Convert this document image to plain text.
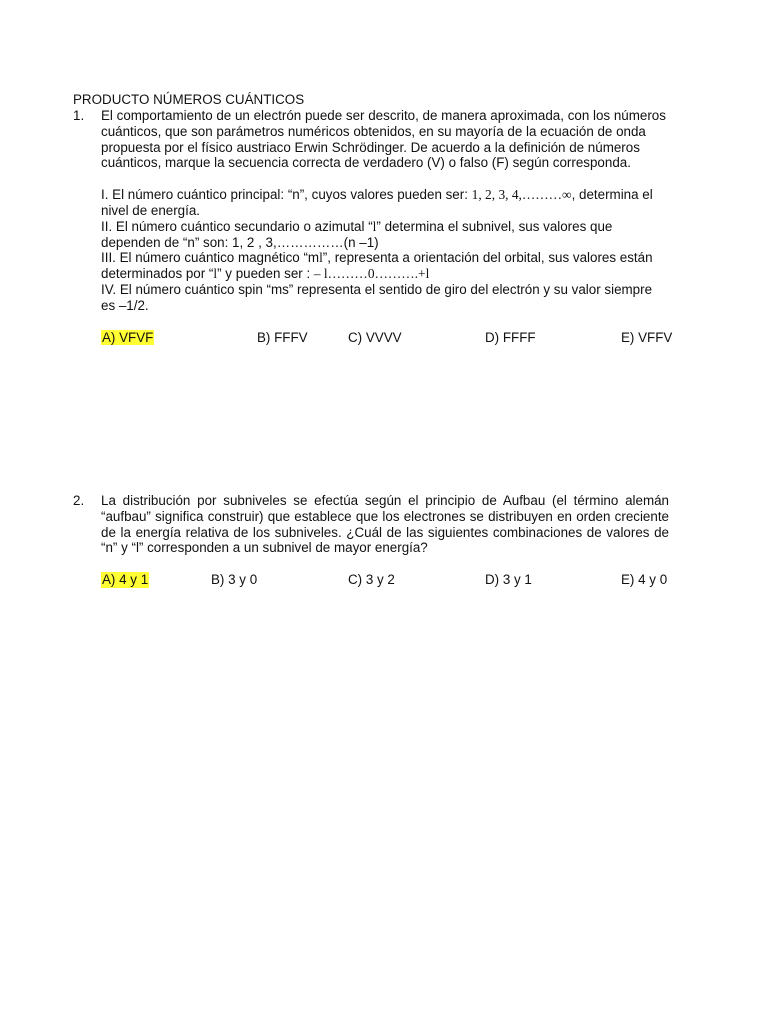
PRODUCTO NÚMEROS CUÁNTICOS
1. El comportamiento de un electrón puede ser descrito, de manera aproximada, con los números cuánticos, que son parámetros numéricos obtenidos, en su mayoría de la ecuación de onda propuesta por el físico austriaco Erwin Schrödinger. De acuerdo a la definición de números cuánticos, marque la secuencia correcta de verdadero (V) o falso (F) según corresponda.
I. El número cuántico principal: “n”, cuyos valores pueden ser: 1, 2, 3, 4,………∞, determina el nivel de energía.
II. El número cuántico secundario o azimutal “l” determina el subnivel, sus valores que dependen de “n” son: 1, 2 , 3,……………(n –1)
III. El número cuántico magnético “ml”, representa a orientación del orbital, sus valores están determinados por “l” y pueden ser : – l………0……….+l
IV. El número cuántico spin “ms” representa el sentido de giro del electrón y su valor siempre es –1/2.
A) VFVF	B) FFFV	C) VVVV	D) FFFF	E) VFFV
2. La distribución por subniveles se efectúa según el principio de Aufbau (el término alemán “aufbau” significa construir) que establece que los electrones se distribuyen en orden creciente de la energía relativa de los subniveles. ¿Cuál de las siguientes combinaciones de valores de “n” y “l” corresponden a un subnivel de mayor energía?
A) 4 y 1	B) 3 y 0	C) 3 y 2	D) 3 y 1	E) 4 y 0
